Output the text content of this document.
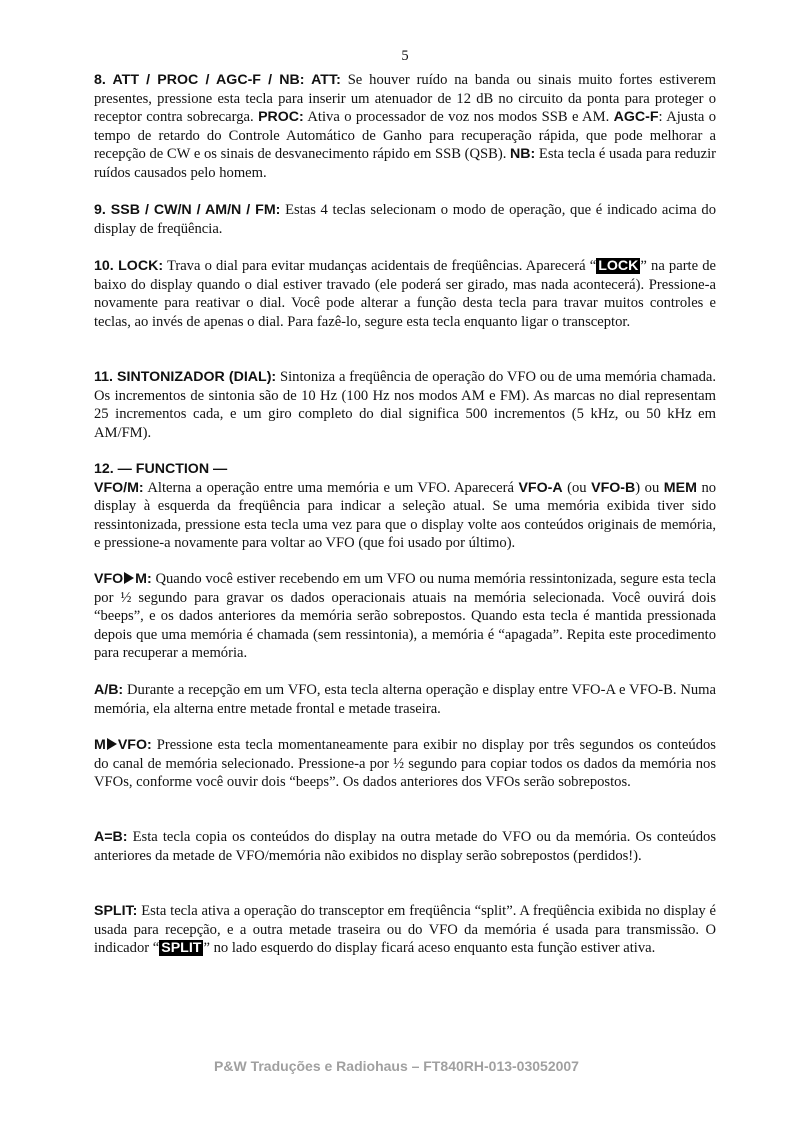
5

8. ATT / PROC / AGC-F / NB: ATT: Se houver ruído na banda ou sinais muito fortes estiverem presentes, pressione esta tecla para inserir um atenuador de 12 dB no circuito da ponta para proteger o receptor contra sobrecarga. PROC: Ativa o processador de voz nos modos SSB e AM. AGC-F: Ajusta o tempo de retardo do Controle Automático de Ganho para recuperação rápida, que pode melhorar a recepção de CW e os sinais de desvanecimento rápido em SSB (QSB). NB: Esta tecla é usada para reduzir ruídos causados pelo homem.

9. SSB / CW/N / AM/N / FM: Estas 4 teclas selecionam o modo de operação, que é indicado acima do display de freqüência.

10. LOCK: Trava o dial para evitar mudanças acidentais de freqüências. Aparecerá “ LOCK ” na parte de baixo do display quando o dial estiver travado (ele poderá ser girado, mas nada acontecerá). Pressione-a novamente para reativar o dial. Você pode alterar a função desta tecla para travar muitos controles e teclas, ao invés de apenas o dial. Para fazê-lo, segure esta tecla enquanto ligar o transceptor.

11. SINTONIZADOR (DIAL): Sintoniza a freqüência de operação do VFO ou de uma memória chamada. Os incrementos de sintonia são de 10 Hz (100 Hz nos modos AM e FM). As marcas no dial representam 25 incrementos cada, e um giro completo do dial significa 500 incrementos (5 kHz, ou 50 kHz em AM/FM).

12. — FUNCTION —
VFO/M: Alterna a operação entre uma memória e um VFO. Aparecerá VFO-A (ou VFO-B) ou MEM no display à esquerda da freqüência para indicar a seleção atual. Se uma memória exibida tiver sido ressintonizada, pressione esta tecla uma vez para que o display volte aos conteúdos originais de memória, e pressione-a novamente para voltar ao VFO (que foi usado por último).

VFO M: Quando você estiver recebendo em um VFO ou numa memória ressintonizada, segure esta tecla por ½ segundo para gravar os dados operacionais atuais na memória selecionada. Você ouvirá dois “beeps”, e os dados anteriores da memória serão sobrepostos. Quando esta tecla é mantida pressionada depois que uma memória é chamada (sem ressintonia), a memória é “apagada”. Repita este procedimento para recuperar a memória.

A/B: Durante a recepção em um VFO, esta tecla alterna operação e display entre VFO-A e VFO-B. Numa memória, ela alterna entre metade frontal e metade traseira.

M VFO: Pressione esta tecla momentaneamente para exibir no display por três segundos os conteúdos do canal de memória selecionado. Pressione-a por ½ segundo para copiar todos os dados da memória nos VFOs, conforme você ouvir dois “beeps”. Os dados anteriores dos VFOs serão sobrepostos.

A=B: Esta tecla copia os conteúdos do display na outra metade do VFO ou da memória. Os conteúdos anteriores da metade de VFO/memória não exibidos no display serão sobrepostos (perdidos!).

SPLIT: Esta tecla ativa a operação do transceptor em freqüência “split”. A freqüência exibida no display é usada para recepção, e a outra metade traseira ou do VFO da memória é usada para transmissão. O indicador “ SPLIT ” no lado esquerdo do display ficará aceso enquanto esta função estiver ativa.

P&W Traduções e Radiohaus – FT840RH-013-03052007
